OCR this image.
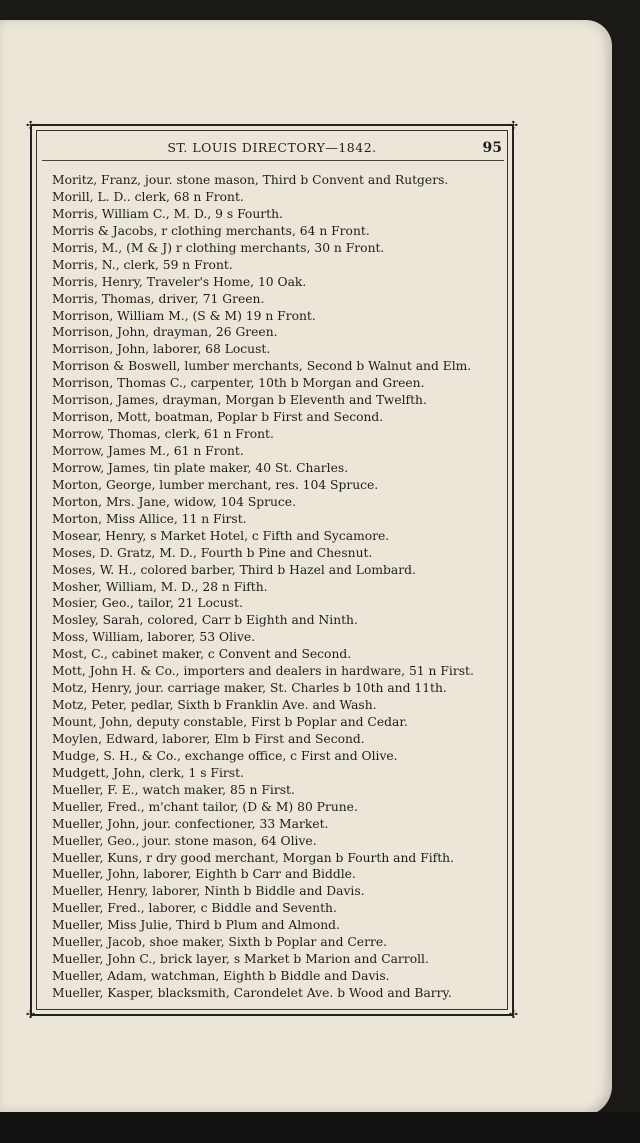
✣	✣
✣	✣
ST. LOUIS DIRECTORY—1842.	95
Moritz, Franz, jour. stone mason, Third b Convent and Rutgers.
Morill, L. D.. clerk, 68 n Front.
Morris, William C., M. D., 9 s Fourth.
Morris & Jacobs, r clothing merchants, 64 n Front.
Morris, M., (M & J) r clothing merchants, 30 n Front.
Morris, N., clerk, 59 n Front.
Morris, Henry, Traveler's Home, 10 Oak.
Morris, Thomas, driver, 71 Green.
Morrison, William M., (S & M) 19 n Front.
Morrison, John, drayman, 26 Green.
Morrison, John, laborer, 68 Locust.
Morrison & Boswell, lumber merchants, Second b Walnut and Elm.
Morrison, Thomas C., carpenter, 10th b Morgan and Green.
Morrison, James, drayman, Morgan b Eleventh and Twelfth.
Morrison, Mott, boatman, Poplar b First and Second.
Morrow, Thomas, clerk, 61 n Front.
Morrow, James M., 61 n Front.
Morrow, James, tin plate maker, 40 St. Charles.
Morton, George, lumber merchant, res. 104 Spruce.
Morton, Mrs. Jane, widow, 104 Spruce.
Morton, Miss Allice, 11 n First.
Mosear, Henry, s Market Hotel, c Fifth and Sycamore.
Moses, D. Gratz, M. D., Fourth b Pine and Chesnut.
Moses, W. H., colored barber, Third b Hazel and Lombard.
Mosher, William, M. D., 28 n Fifth.
Mosier, Geo., tailor, 21 Locust.
Mosley, Sarah, colored, Carr b Eighth and Ninth.
Moss, William, laborer, 53 Olive.
Most, C., cabinet maker, c Convent and Second.
Mott, John H. & Co., importers and dealers in hardware, 51 n First.
Motz, Henry, jour. carriage maker, St. Charles b 10th and 11th.
Motz, Peter, pedlar, Sixth b Franklin Ave. and Wash.
Mount, John, deputy constable, First b Poplar and Cedar.
Moylen, Edward, laborer, Elm b First and Second.
Mudge, S. H., & Co., exchange office, c First and Olive.
Mudgett, John, clerk, 1 s First.
Mueller, F. E., watch maker, 85 n First.
Mueller, Fred., m'chant tailor, (D & M) 80 Prune.
Mueller, John, jour. confectioner, 33 Market.
Mueller, Geo., jour. stone mason, 64 Olive.
Mueller, Kuns, r dry good merchant, Morgan b Fourth and Fifth.
Mueller, John, laborer, Eighth b Carr and Biddle.
Mueller, Henry, laborer, Ninth b Biddle and Davis.
Mueller, Fred., laborer, c Biddle and Seventh.
Mueller, Miss Julie, Third b Plum and Almond.
Mueller, Jacob, shoe maker, Sixth b Poplar and Cerre.
Mueller, John C., brick layer, s Market b Marion and Carroll.
Mueller, Adam, watchman, Eighth b Biddle and Davis.
Mueller, Kasper, blacksmith, Carondelet Ave. b Wood and Barry.
